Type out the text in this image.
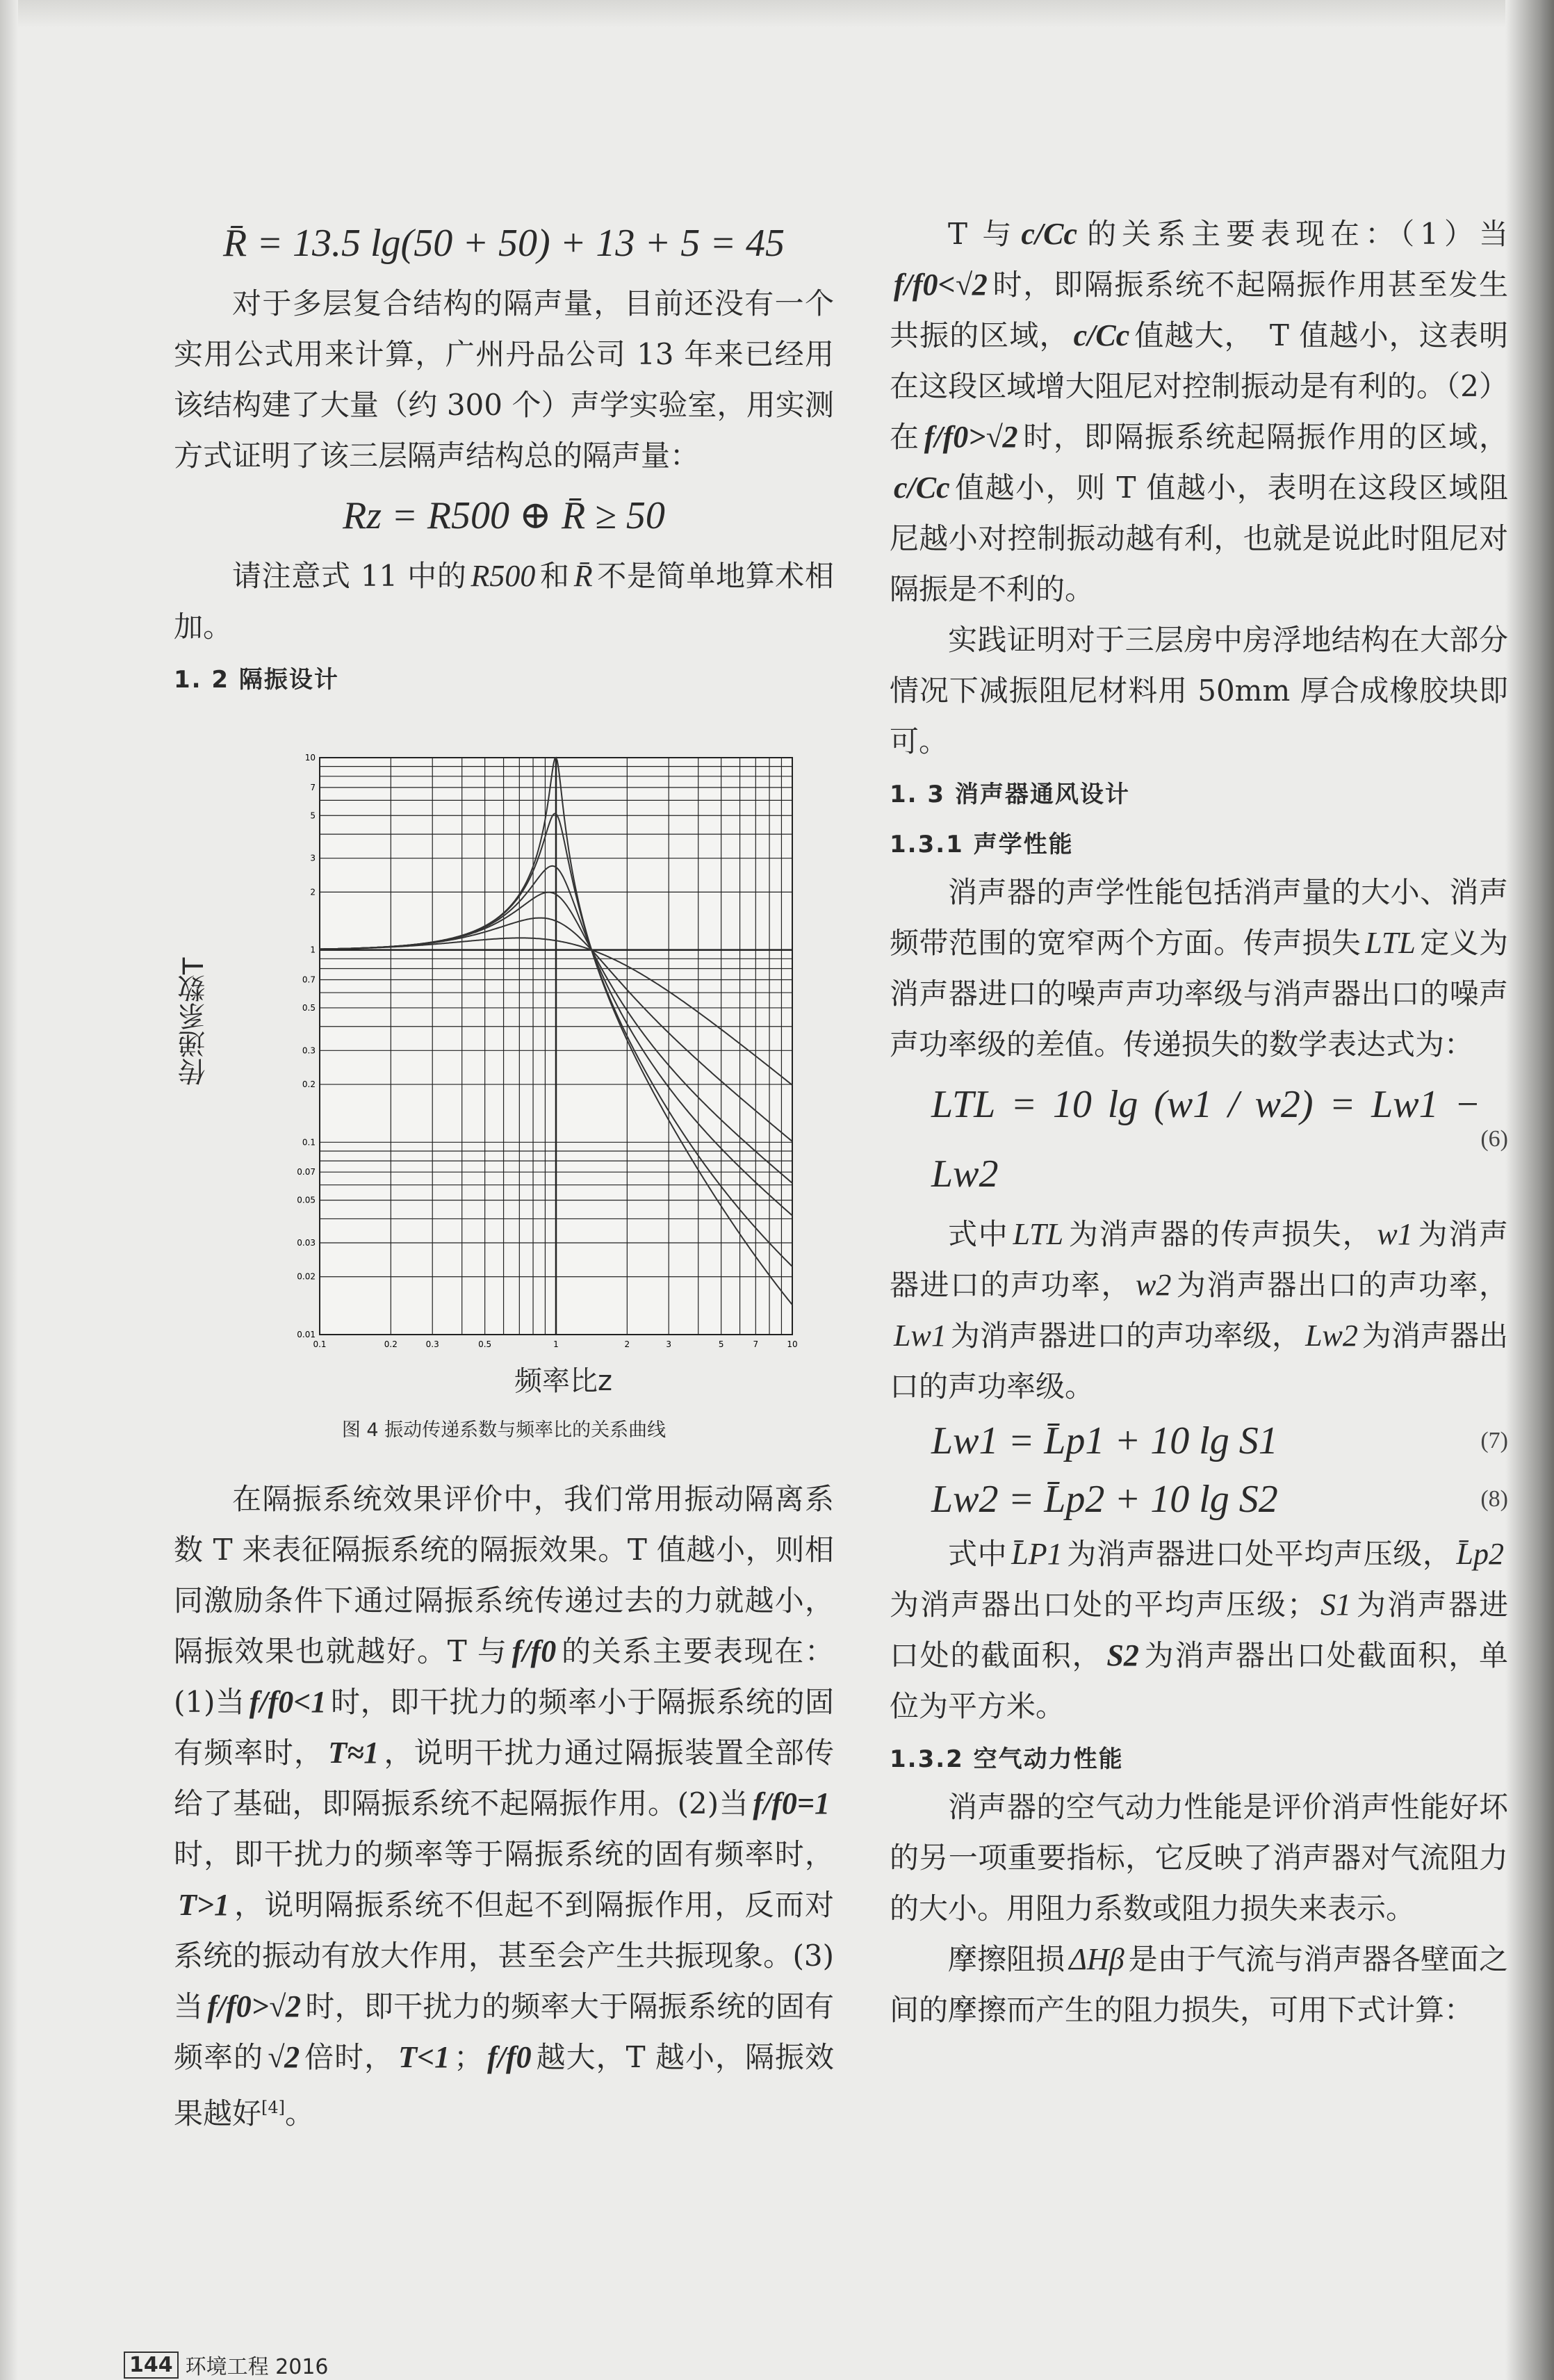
R̄ = 13.5 lg(50 + 50) + 13 + 5 = 45

对于多层复合结构的隔声量，目前还没有一个实用公式用来计算，广州丹品公司 13 年来已经用该结构建了大量（约 300 个）声学实验室，用实测方式证明了该三层隔声结构总的隔声量：

Rz = R500 ⊕ R̄ ≥ 50

请注意式 11 中的 R500 和 R̄ 不是简单地算术相加。

1. 2 隔振设计
传递系数T
0.1	0.2	0.3	0.5	1	2	3	5	7	10
10
7
5
3
2
1
0.7
0.5
0.3
0.2
0.1
0.07
0.05
0.03
0.02
0.01
频率比z
图 4 振动传递系数与频率比的关系曲线

在隔振系统效果评价中，我们常用振动隔离系数 T 来表征隔振系统的隔振效果。T 值越小，则相同激励条件下通过隔振系统传递过去的力就越小，隔振效果也就越好。T 与 f/f0 的关系主要表现在：(1)当 f/f0<1 时，即干扰力的频率小于隔振系统的固有频率时， T≈1 ，说明干扰力通过隔振装置全部传给了基础，即隔振系统不起隔振作用。(2)当 f/f0=1时，即干扰力的频率等于隔振系统的固有频率时，T>1 ，说明隔振系统不但起不到隔振作用，反而对系统的振动有放大作用，甚至会产生共振现象。(3)当 f/f0>√2 时，即干扰力的频率大于隔振系统的固有频率的 √2 倍时， T<1 ； f/f0 越大，T 越小，隔振效果越好[4]。

T 与 c/Cc 的关系主要表现在：（1）当f/f0<√2 时，即隔振系统不起隔振作用甚至发生共振的区域， c/Cc 值越大，　T 值越小，这表明在这段区域增大阻尼对控制振动是有利的。（2）在 f/f0>√2 时，即隔振系统起隔振作用的区域，c/Cc 值越小，则 T 值越小，表明在这段区域阻尼越小对控制振动越有利，也就是说此时阻尼对隔振是不利的。

实践证明对于三层房中房浮地结构在大部分情况下减振阻尼材料用 50mm 厚合成橡胶块即可。

1. 3 消声器通风设计
1.3.1 声学性能

消声器的声学性能包括消声量的大小、消声频带范围的宽窄两个方面。传声损失 LTL 定义为消声器进口的噪声声功率级与消声器出口的噪声声功率级的差值。传递损失的数学表达式为：

LTL = 10 lg (w1 / w2) = Lw1 − Lw2
(6)

式中 LTL 为消声器的传声损失， w1 为消声器进口的声功率， w2 为消声器出口的声功率，Lw1 为消声器进口的声功率级， Lw2 为消声器出口的声功率级。

Lw1 = L̄p1 + 10 lg S1	(7)
Lw2 = L̄p2 + 10 lg S2	(8)

式中 L̄P1 为消声器进口处平均声压级， L̄p2为消声器出口处的平均声压级； S1 为消声器进口处的截面积， S2 为消声器出口处截面积，单位为平方米。

1.3.2 空气动力性能

消声器的空气动力性能是评价消声性能好坏的另一项重要指标，它反映了消声器对气流阻力的大小。用阻力系数或阻力损失来表示。

摩擦阻损 ΔHβ 是由于气流与消声器各壁面之间的摩擦而产生的阻力损失，可用下式计算：

144 环境工程 2016
